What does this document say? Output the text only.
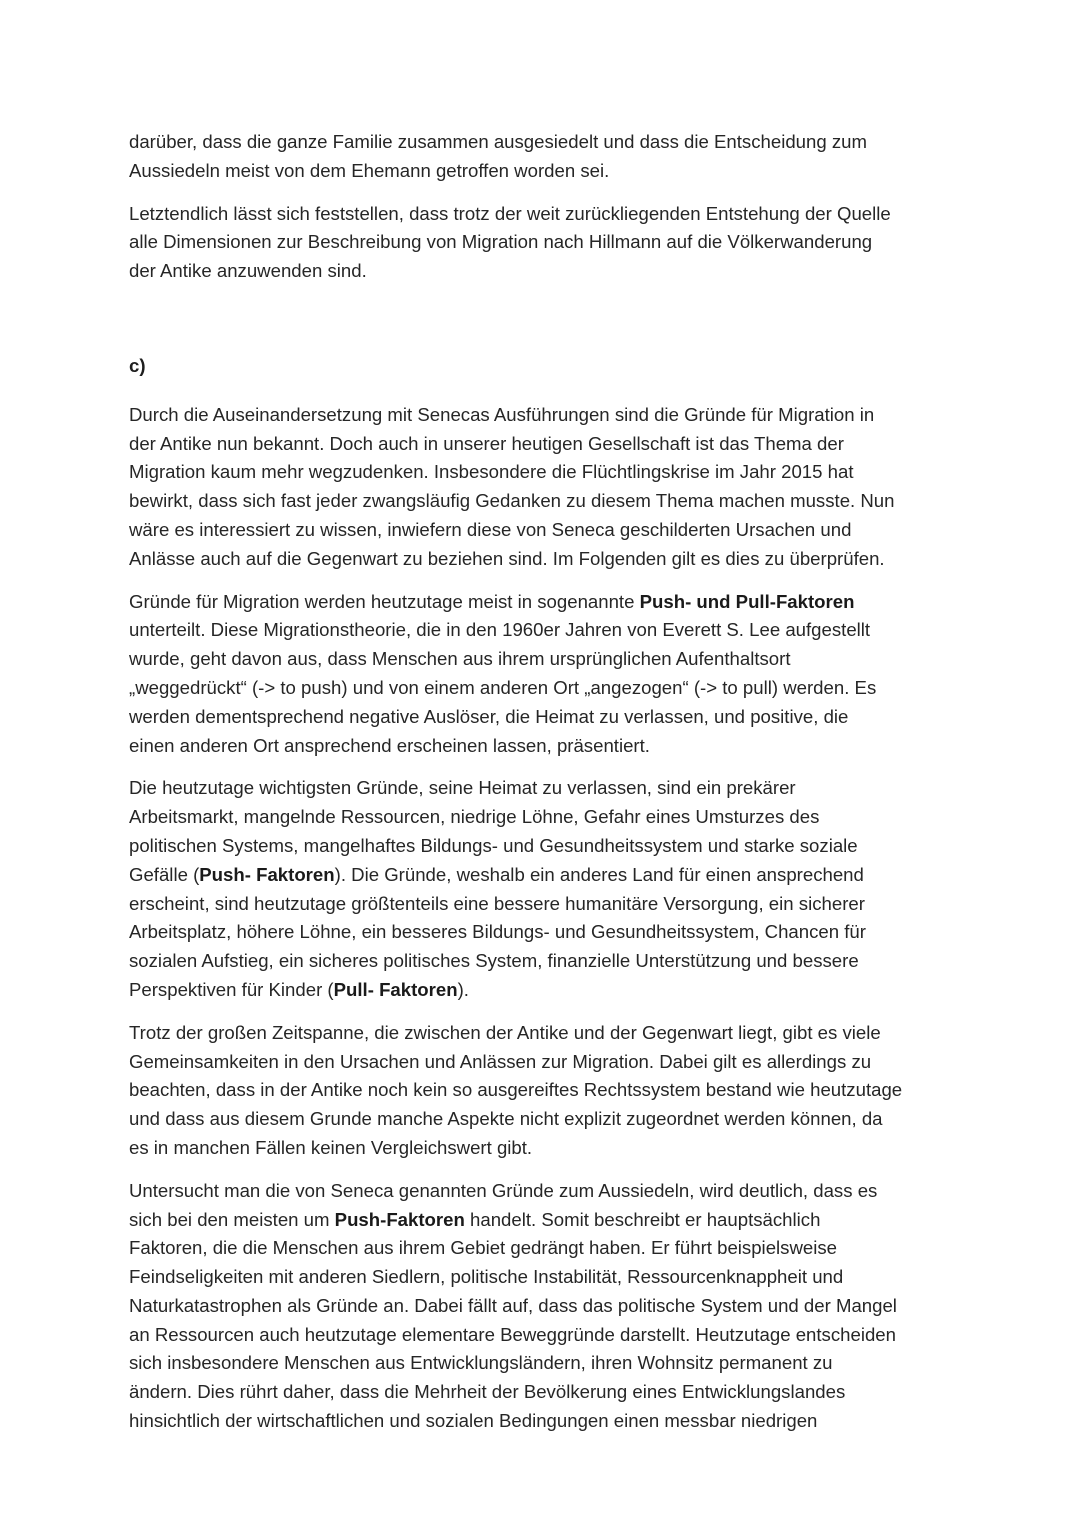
darüber, dass die ganze Familie zusammen ausgesiedelt und dass die Entscheidung zum
Aussiedeln meist von dem Ehemann getroffen worden sei.

Letztendlich lässt sich feststellen, dass trotz der weit zurückliegenden Entstehung der Quelle
alle Dimensionen zur Beschreibung von Migration nach Hillmann auf die Völkerwanderung
der Antike anzuwenden sind.

c)

Durch die Auseinandersetzung mit Senecas Ausführungen sind die Gründe für Migration in
der Antike nun bekannt. Doch auch in unserer heutigen Gesellschaft ist das Thema der
Migration kaum mehr wegzudenken. Insbesondere die Flüchtlingskrise im Jahr 2015 hat
bewirkt, dass sich fast jeder zwangsläufig Gedanken zu diesem Thema machen musste. Nun
wäre es interessiert zu wissen, inwiefern diese von Seneca geschilderten Ursachen und
Anlässe auch auf die Gegenwart zu beziehen sind. Im Folgenden gilt es dies zu überprüfen.

Gründe für Migration werden heutzutage meist in sogenannte Push- und Pull-Faktoren
unterteilt. Diese Migrationstheorie, die in den 1960er Jahren von Everett S. Lee aufgestellt
wurde, geht davon aus, dass Menschen aus ihrem ursprünglichen Aufenthaltsort
„weggedrückt“ (-> to push) und von einem anderen Ort „angezogen“ (-> to pull) werden. Es
werden dementsprechend negative Auslöser, die Heimat zu verlassen, und positive, die
einen anderen Ort ansprechend erscheinen lassen, präsentiert.

Die heutzutage wichtigsten Gründe, seine Heimat zu verlassen, sind ein prekärer
Arbeitsmarkt, mangelnde Ressourcen, niedrige Löhne, Gefahr eines Umsturzes des
politischen Systems, mangelhaftes Bildungs- und Gesundheitssystem und starke soziale
Gefälle (Push- Faktoren). Die Gründe, weshalb ein anderes Land für einen ansprechend
erscheint, sind heutzutage größtenteils eine bessere humanitäre Versorgung, ein sicherer
Arbeitsplatz, höhere Löhne, ein besseres Bildungs- und Gesundheitssystem, Chancen für
sozialen Aufstieg, ein sicheres politisches System, finanzielle Unterstützung und bessere
Perspektiven für Kinder (Pull- Faktoren).

Trotz der großen Zeitspanne, die zwischen der Antike und der Gegenwart liegt, gibt es viele
Gemeinsamkeiten in den Ursachen und Anlässen zur Migration. Dabei gilt es allerdings zu
beachten, dass in der Antike noch kein so ausgereiftes Rechtssystem bestand wie heutzutage
und dass aus diesem Grunde manche Aspekte nicht explizit zugeordnet werden können, da
es in manchen Fällen keinen Vergleichswert gibt.

Untersucht man die von Seneca genannten Gründe zum Aussiedeln, wird deutlich, dass es
sich bei den meisten um Push-Faktoren handelt. Somit beschreibt er hauptsächlich
Faktoren, die die Menschen aus ihrem Gebiet gedrängt haben. Er führt beispielsweise
Feindseligkeiten mit anderen Siedlern, politische Instabilität, Ressourcenknappheit und
Naturkatastrophen als Gründe an. Dabei fällt auf, dass das politische System und der Mangel
an Ressourcen auch heutzutage elementare Beweggründe darstellt. Heutzutage entscheiden
sich insbesondere Menschen aus Entwicklungsländern, ihren Wohnsitz permanent zu
ändern. Dies rührt daher, dass die Mehrheit der Bevölkerung eines Entwicklungslandes
hinsichtlich der wirtschaftlichen und sozialen Bedingungen einen messbar niedrigen
